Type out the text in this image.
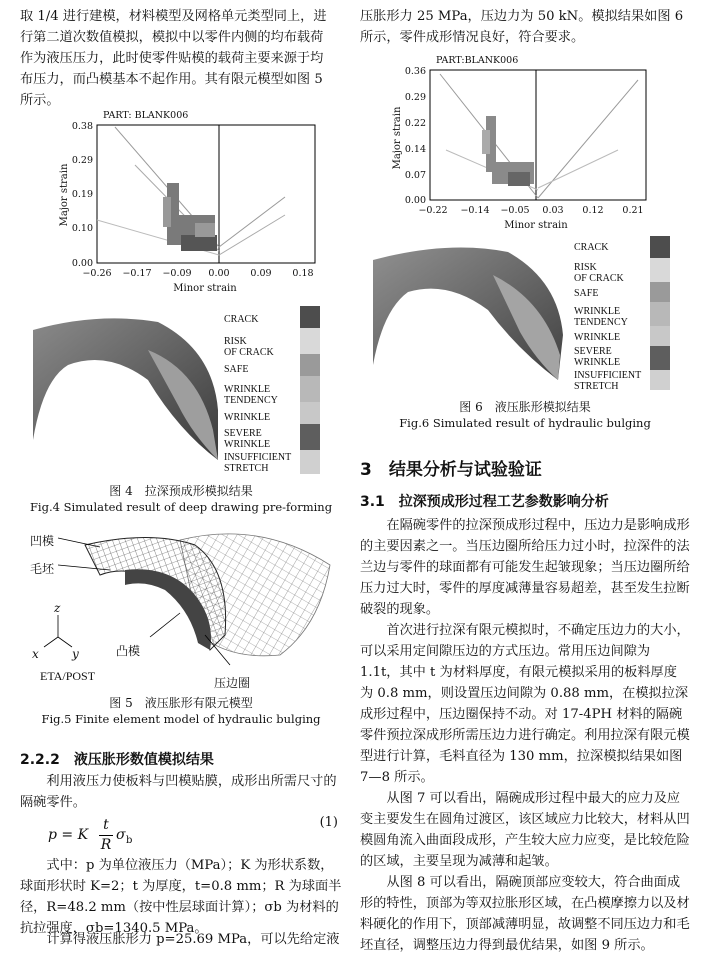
取 1/4 进行建模，材料模型及网格单元类型同上，进

行第二道次数值模拟，模拟中以零件内侧的均布载荷

作为液压压力，此时使零件贴模的载荷主要来源于均

布压力，而凸模基本不起作用。其有限元模型如图 5

所示。

PART: BLANK006
0.38
0.29
0.19
0.10
0.00
−0.26 −0.17 −0.09 0.00 0.09 0.18
Minor strain
Major strain
CRACK
RISK
OF CRACK
SAFE
WRINKLE
TENDENCY
WRINKLE
SEVERE
WRINKLE
INSUFFICIENT STRETCH
图 4　拉深预成形模拟结果
Fig.4 Simulated result of deep drawing pre-forming
凹模
毛坯
z
x	y
ETA/POST
凸模
压边圈
图 5　液压胀形有限元模型
Fig.5 Finite element model of hydraulic bulging
2.2.2　液压胀形数值模拟结果
利用液压力使板料与凹模贴膜，成形出所需尺寸的隔碗零件。
p = K
t
R
σ b
(1)
式中：p 为单位液压力（MPa）；K 为形状系数，球面形状时 K=2；t 为厚度，t=0.8 mm；R 为球面半径，R=48.2 mm（按中性层球面计算）；σb 为材料的抗拉强度，σb=1340.5 MPa。
计算得液压胀形力 p=25.69 MPa，可以先给定液

压胀形力 25 MPa，压边力为 50 kN。模拟结果如图 6

所示，零件成形情况良好，符合要求。

PART:BLANK006
0.36
0.29
0.22
0.14
0.07
0.00
−0.22 −0.14 −0.05 0.03 0.12 0.21
Minor strain
Major strain
CRACK
RISK
OF CRACK
SAFE
WRINKLE
TENDENCY
WRINKLE
SEVERE
WRINKLE
INSUFFICIENT STRETCH
图 6　液压胀形模拟结果
Fig.6 Simulated result of hydraulic bulging
3　结果分析与试验验证
3.1　拉深预成形过程工艺参数影响分析
在隔碗零件的拉深预成形过程中，压边力是影响成形的主要因素之一。当压边圈所给压力过小时，拉深件的法兰边与零件的球面都有可能发生起皱现象；当压边圈所给压力过大时，零件的厚度减薄量容易超差，甚至发生拉断破裂的现象。
首次进行拉深有限元模拟时，不确定压边力的大小，可以采用定间隙压边的方式压边。常用压边间隙为 1.1t，其中 t 为材料厚度，有限元模拟采用的板料厚度为 0.8 mm，则设置压边间隙为 0.88 mm，在模拟拉深成形过程中，压边圈保持不动。对 17-4PH 材料的隔碗零件预拉深成形所需压边力进行确定。利用拉深有限元模型进行计算，毛料直径为 130 mm，拉深模拟结果如图 7—8 所示。
从图 7 可以看出，隔碗成形过程中最大的应力及应变主要发生在圆角过渡区，该区域应力比较大，材料从凹模圆角流入曲面段成形，产生较大应力应变，是比较危险的区域，主要呈现为减薄和起皱。
从图 8 可以看出，隔碗顶部应变较大，符合曲面成形的特性，顶部为等双拉胀形区域，在凸模摩擦力以及材料硬化的作用下，顶部减薄明显，故调整不同压边力和毛坯直径，调整压边力得到最优结果，如图 9 所示。
